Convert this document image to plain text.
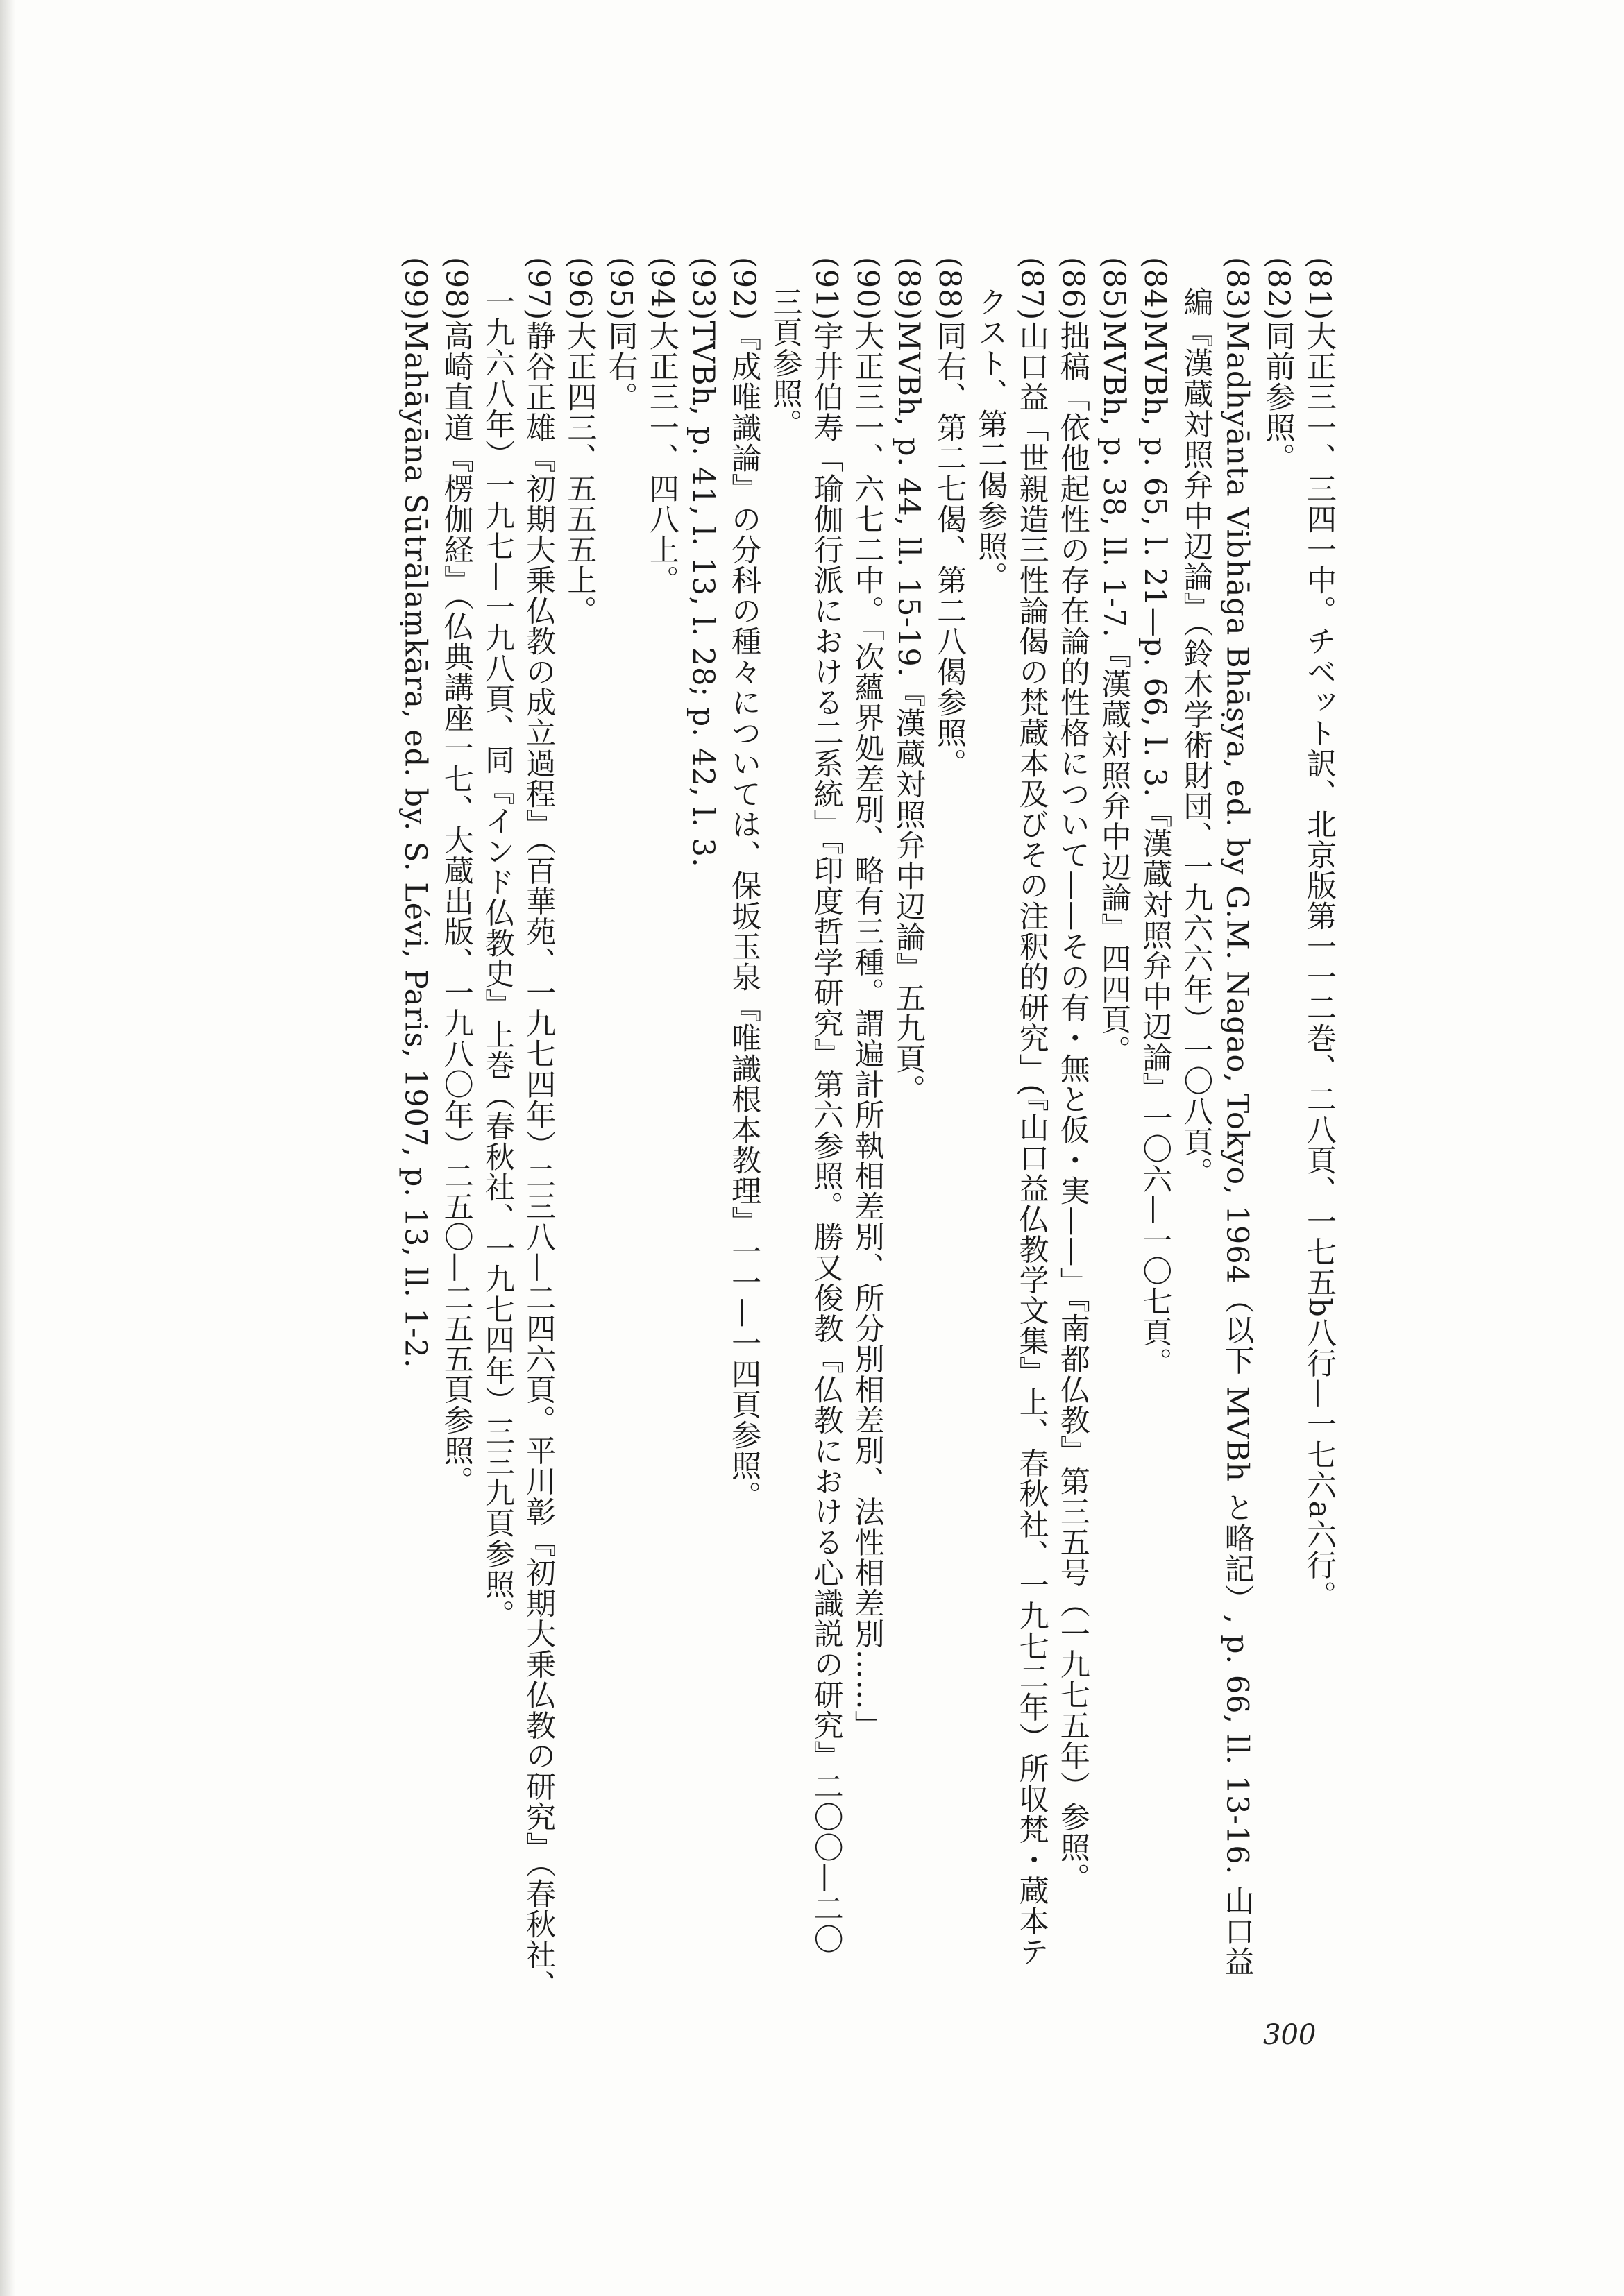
(81)大正三一、三四一中。チベット訳、北京版第一一二巻、二八頁、一七五b八行—一七六a六行。
(82)同前参照。
(83)Madhyānta Vibhāga Bhāṣya, ed. by G.M. Nagao, Tokyo, 1964（以下 MVBh と略記）, p. 66, ll. 13-16. 山口益
編『漢蔵対照弁中辺論』（鈴木学術財団、一九六六年）一〇八頁。
(84)MVBh, p. 65, l. 21—p. 66, l. 3.『漢蔵対照弁中辺論』一〇六—一〇七頁。
(85)MVBh, p. 38, ll. 1-7.『漢蔵対照弁中辺論』四四頁。
(86)拙稿「依他起性の存在論的性格について——その有・無と仮・実——」『南都仏教』第三五号（一九七五年）参照。
(87)山口益「世親造三性論偈の梵蔵本及びその注釈的研究」(『山口益仏教学文集』上、春秋社、一九七二年）所収梵・蔵本テ
クスト、第二偈参照。
(88)同右、第二七偈、第二八偈参照。
(89)MVBh, p. 44, ll. 15-19.『漢蔵対照弁中辺論』五九頁。
(90)大正三一、六七二中。「次蘊界処差別、略有三種。謂遍計所執相差別、所分別相差別、法性相差別……」
(91)宇井伯寿「瑜伽行派における二系統」『印度哲学研究』第六参照。勝又俊教『仏教における心識説の研究』二〇〇—二〇
三頁参照。
(92)『成唯識論』の分科の種々については、保坂玉泉『唯識根本教理』一一—一四頁参照。
(93)TVBh, p. 41, l. 13, l. 28; p. 42, l. 3.
(94)大正三一、四八上。
(95)同右。
(96)大正四三、五五五上。
(97)静谷正雄『初期大乗仏教の成立過程』（百華苑、一九七四年）二三八—二四六頁。平川彰『初期大乗仏教の研究』（春秋社、
一九六八年）一九七—一九八頁、同『インド仏教史』上巻（春秋社、一九七四年）三三九頁参照。
(98)高崎直道『楞伽経』（仏典講座一七、大蔵出版、一九八〇年）二五〇—二五五頁参照。
(99)Mahāyāna Sūtrālaṃkāra, ed. by. S. Lévi, Paris, 1907, p. 13, ll. 1-2.
300
